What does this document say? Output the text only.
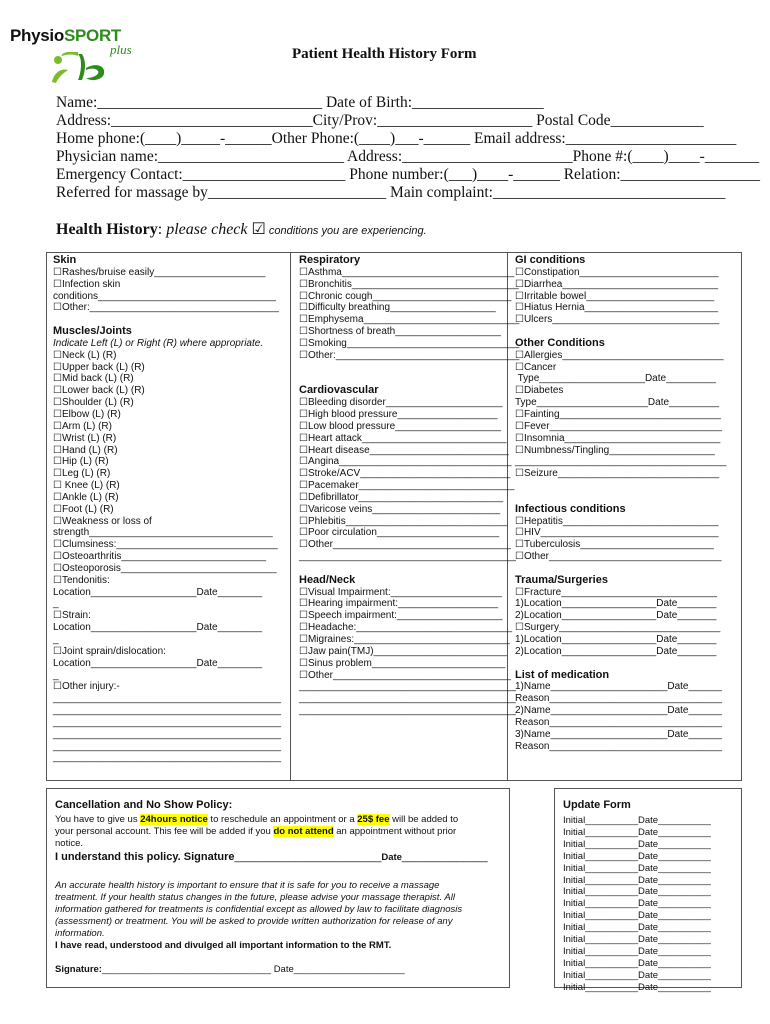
PhysioSPORT
plus	Patient Health History Form
Name:_____________________________ Date of Birth:_________________
Address:__________________________City/Prov:____________________ Postal Code____________
Home phone:(____)_____-______Other Phone:(____)___-______ Email address:______________________
Physician name:________________________ Address:______________________Phone #:(____)____-_______
Emergency Contact:_____________________ Phone number:(___)____-______ Relation:__________________
Referred for massage by_______________________ Main complaint:______________________________
Health History: please check ☑ conditions you are experiencing.
Skin
☐Rashes/bruise easily____________________
☐Infection skin
conditions________________________________
☐Other:__________________________________

Muscles/Joints
Indicate Left (L) or Right (R) where appropriate.
☐Neck (L) (R)
☐Upper back (L) (R)
☐Mid back (L) (R)
☐Lower back (L) (R)
☐Shoulder (L) (R)
☐Elbow (L) (R)
☐Arm (L) (R)
☐Wrist (L) (R)
☐Hand (L) (R)
☐Hip (L) (R)
☐Leg (L) (R)
☐ Knee (L) (R)
☐Ankle (L) (R)
☐Foot (L) (R)
☐Weakness or loss of
strength_________________________________
☐Clumsiness:_____________________________
☐Osteoarthritis__________________________
☐Osteoporosis____________________________
☐Tendonitis:
Location___________________Date________
_
☐Strain:
Location___________________Date________
_
☐Joint sprain/dislocation:
Location___________________Date________
_
☐Other injury:-
_________________________________________
_________________________________________
_________________________________________
_________________________________________
_________________________________________
_________________________________________
Respiratory
☐Asthma_______________________________
☐Bronchitis______________________________
☐Chronic cough_________________________
☐Difficulty breathing___________________
☐Emphysema____________________________
☐Shortness of breath___________________
☐Smoking_______________________________
☐Other:_________________________________

Cardiovascular
☐Bleeding disorder_____________________
☐High blood pressure__________________
☐Low blood pressure___________________
☐Heart attack__________________________
☐Heart disease_________________________
☐Angina_______________________________
☐Stroke/ACV___________________________
☐Pacemaker____________________________
☐Defibrillator__________________________
☐Varicose veins_______________________
☐Phlebitis_____________________________
☐Poor circulation______________________
☐Other________________________________
_______________________________________

Head/Neck
☐Visual Impairment:____________________
☐Hearing impairment:__________________
☐Speech impairment:___________________
☐Headache:____________________________
☐Migraines:____________________________
☐Jaw pain(TMJ)________________________
☐Sinus problem________________________
☐Other________________________________
_______________________________________
_______________________________________
_______________________________________
GI conditions
☐Constipation_________________________
☐Diarrhea____________________________
☐Irritable bowel_______________________
☐Hiatus Hernia________________________
☐Ulcers______________________________

Other Conditions
☐Allergies_____________________________
☐Cancer
Type___________________Date_________
☐Diabetes
Type____________________Date_________
☐Fainting_____________________________
☐Fever_______________________________
☐Insomnia____________________________
☐Numbness/Tingling___________________
______________________________________
☐Seizure_____________________________

Infectious conditions
☐Hepatitis____________________________
☐HIV________________________________
☐Tuberculosis________________________
☐Other_______________________________

Trauma/Surgeries
☐Fracture____________________________
1)Location_________________Date_______
2)Location_________________Date_______
☐Surgery_____________________________
1)Location_________________Date_______
2)Location_________________Date_______

List of medication
1)Name_____________________Date______
Reason_______________________________
2)Name_____________________Date______
Reason_______________________________
3)Name_____________________Date______
Reason_______________________________
Cancellation and No Show Policy:
You have to give us 24hours notice to reschedule an appointment or a 25$ fee will be added to
your personal account. This fee will be added if you do not attend an appointment without prior
notice.
I understand this policy. Signature________________________Date______________
An accurate health history is important to ensure that it is safe for you to receive a massage
treatment. If your health status changes in the future, please advise your massage therapist. All
information gathered for treatments is confidential except as allowed by law to facilitate diagnosis
(assessment) or treatment. You will be asked to provide written authorization for release of any
information.
I have read, understood and divulged all important information to the RMT.
Signature:________________________________ Date_____________________
Update Form
Initial__________Date__________
Initial__________Date__________
Initial__________Date__________
Initial__________Date__________
Initial__________Date__________
Initial__________Date__________
Initial__________Date__________
Initial__________Date__________
Initial__________Date__________
Initial__________Date__________
Initial__________Date__________
Initial__________Date__________
Initial__________Date__________
Initial__________Date__________
Initial__________Date__________
